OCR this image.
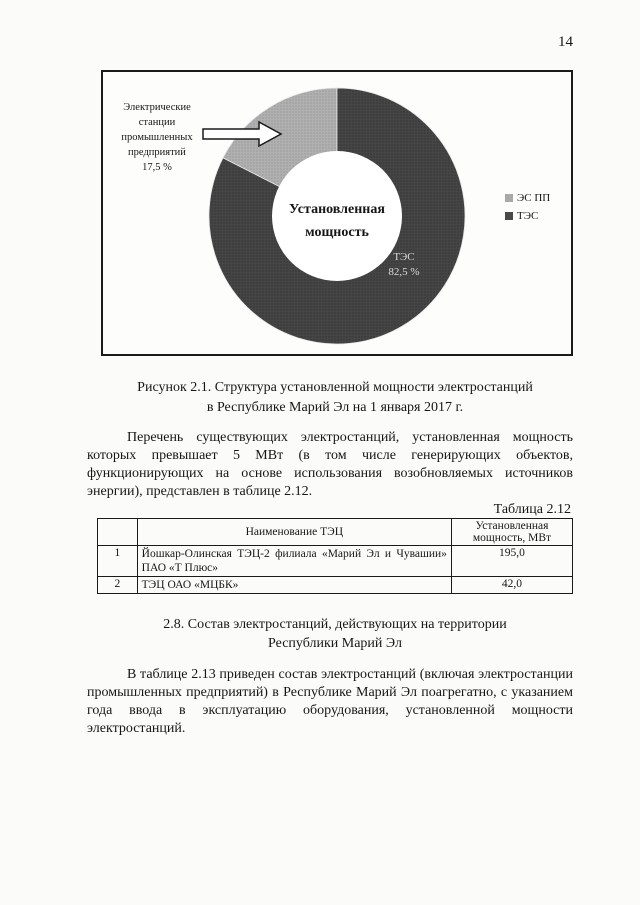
14
Электрические
станции
промышленных
предприятий
17,5 %
Установленная
мощность
ТЭС
82,5 %
ЭС ПП
ТЭС
Рисунок 2.1. Структура установленной мощности электростанций
в Республике Марий Эл на 1 января 2017 г.
Перечень существующих электростанций, установленная мощность которых превышает 5 МВт (в том числе генерирующих объектов, функционирующих на основе использования возобновляемых источников энергии), представлен в таблице 2.12.
Таблица 2.12
	Наименование ТЭЦ	Установленная мощность, МВт
1	Йошкар-Олинская ТЭЦ-2 филиала «Марий Эл и Чувашии» ПАО «Т Плюс»	195,0
2	ТЭЦ ОАО «МЦБК»	42,0
2.8. Состав электростанций, действующих на территории
Республики Марий Эл
В таблице 2.13 приведен состав электростанций (включая электростанции промышленных предприятий) в Республике Марий Эл поагрегатно, с указанием года ввода в эксплуатацию оборудования, установленной мощности электростанций.
